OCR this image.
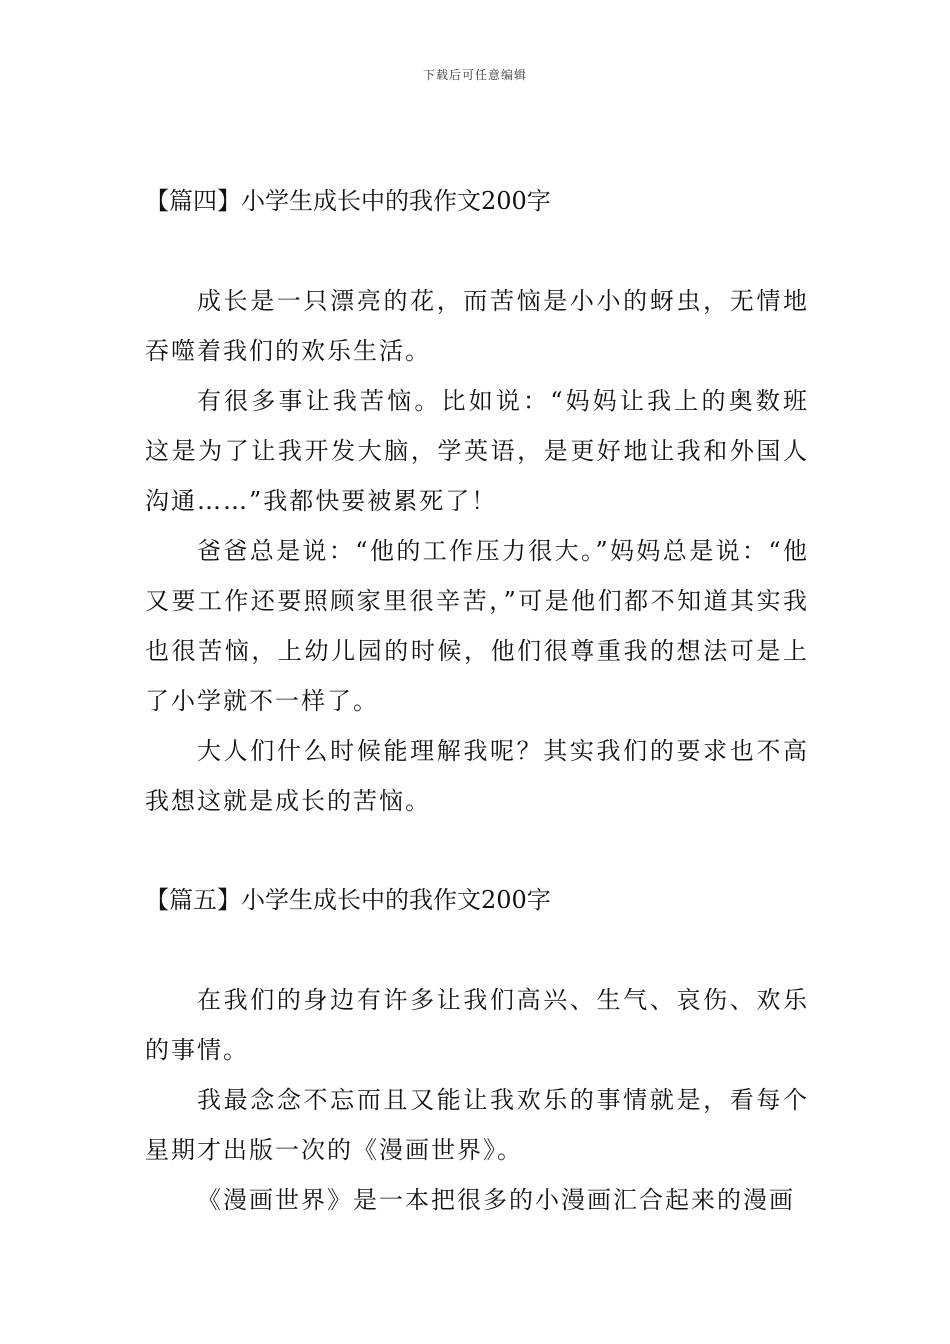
下载后可任意编辑
【篇四】小学生成长中的我作文200字

成长是一只漂亮的花，而苦恼是小小的蚜虫，无情地吞噬着我们的欢乐生活。

有很多事让我苦恼。比如说：“妈妈让我上的奥数班这是为了让我开发大脑，学英语，是更好地让我和外国人沟通……”我都快要被累死了！

爸爸总是说：“他的工作压力很大。”妈妈总是说：“他又要工作还要照顾家里很辛苦，”可是他们都不知道其实我也很苦恼，上幼儿园的时候，他们很尊重我的想法可是上了小学就不一样了。

大人们什么时候能理解我呢？其实我们的要求也不高我想这就是成长的苦恼。

【篇五】小学生成长中的我作文200字

在我们的身边有许多让我们高兴、生气、哀伤、欢乐的事情。

我最念念不忘而且又能让我欢乐的事情就是，看每个星期才出版一次的《漫画世界》。

《漫画世界》是一本把很多的小漫画汇合起来的漫画
